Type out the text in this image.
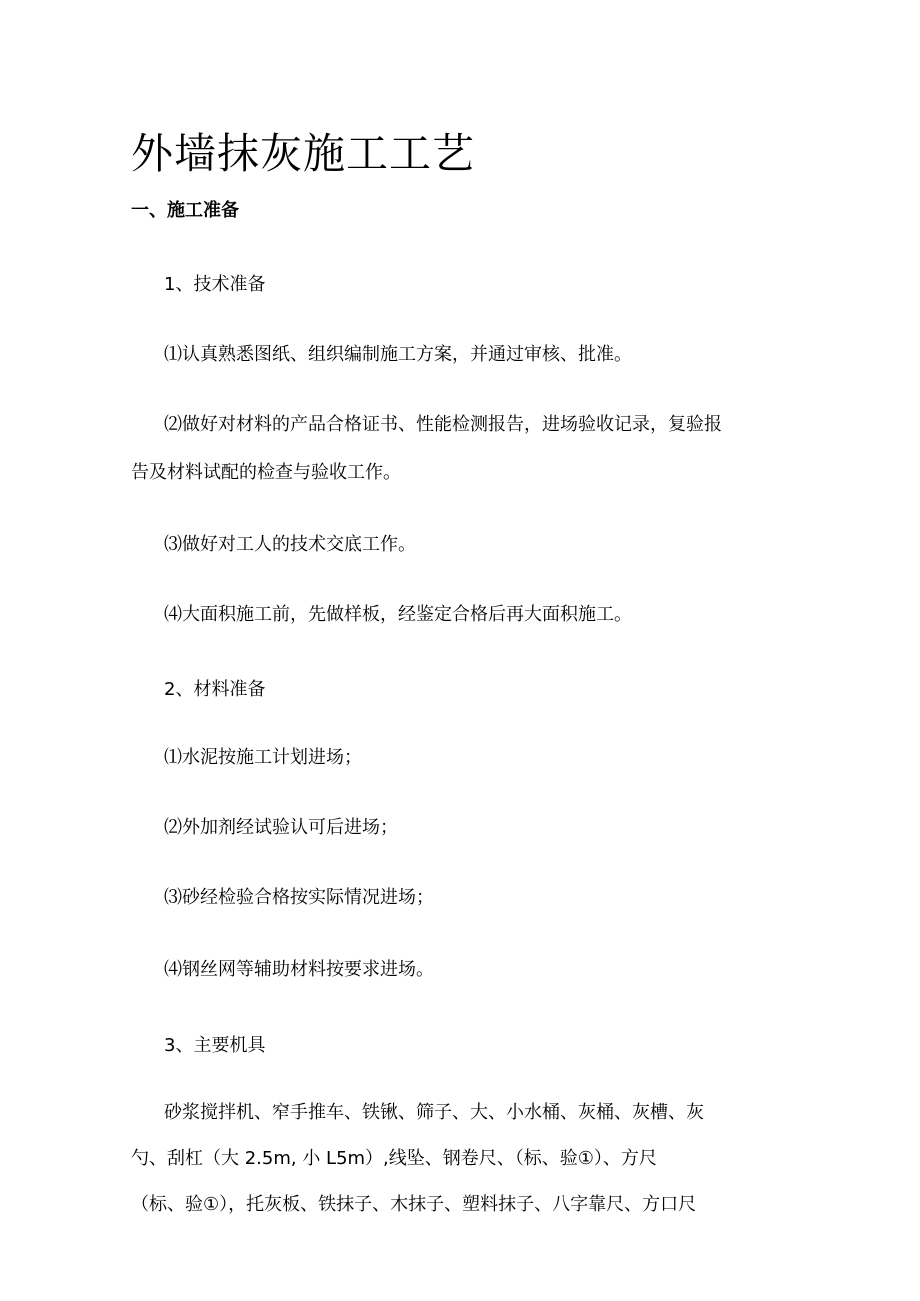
外墙抹灰施工工艺
一、施工准备

1、技术准备

⑴认真熟悉图纸、组织编制施工方案，并通过审核、批准。

⑵做好对材料的产品合格证书、性能检测报告，进场验收记录，复验报

告及材料试配的检查与验收工作。

⑶做好对工人的技术交底工作。

⑷大面积施工前，先做样板，经鉴定合格后再大面积施工。

2、材料准备

⑴水泥按施工计划进场；

⑵外加剂经试验认可后进场；

⑶砂经检验合格按实际情况进场；

⑷钢丝网等辅助材料按要求进场。

3、主要机具

砂浆搅拌机、窄手推车、铁锹、筛子、大、小水桶、灰桶、灰槽、灰

勺、刮杠（大 2.5m, 小 L5m）,线坠、钢卷尺、（标、验①）、方尺

（标、验①），托灰板、铁抹子、木抹子、塑料抹子、八字靠尺、方口尺
